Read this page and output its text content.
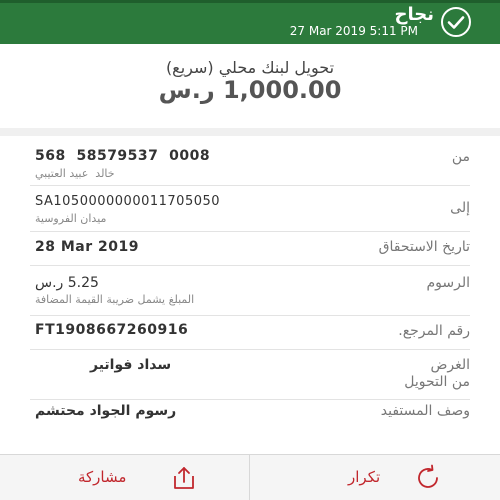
نجاح
27 Mar 2019 5:11 PM
تحويل لبنك محلي (سريع)
1,000.00 ر.س
من
568  58579537  0008
خالد  عبيد العتيبي
إلى
SA1050000000011705050
ميدان الفروسية
تاريخ الاستحقاق
28 Mar 2019
الرسوم
5.25 ر.س
المبلغ يشمل ضريبة القيمة المضافة
رقم المرجع.
FT1908667260916
الغرض
من التحويل
سداد فواتير
وصف المستفيد
رسوم الجواد محتشم
مشاركة	تكرار
